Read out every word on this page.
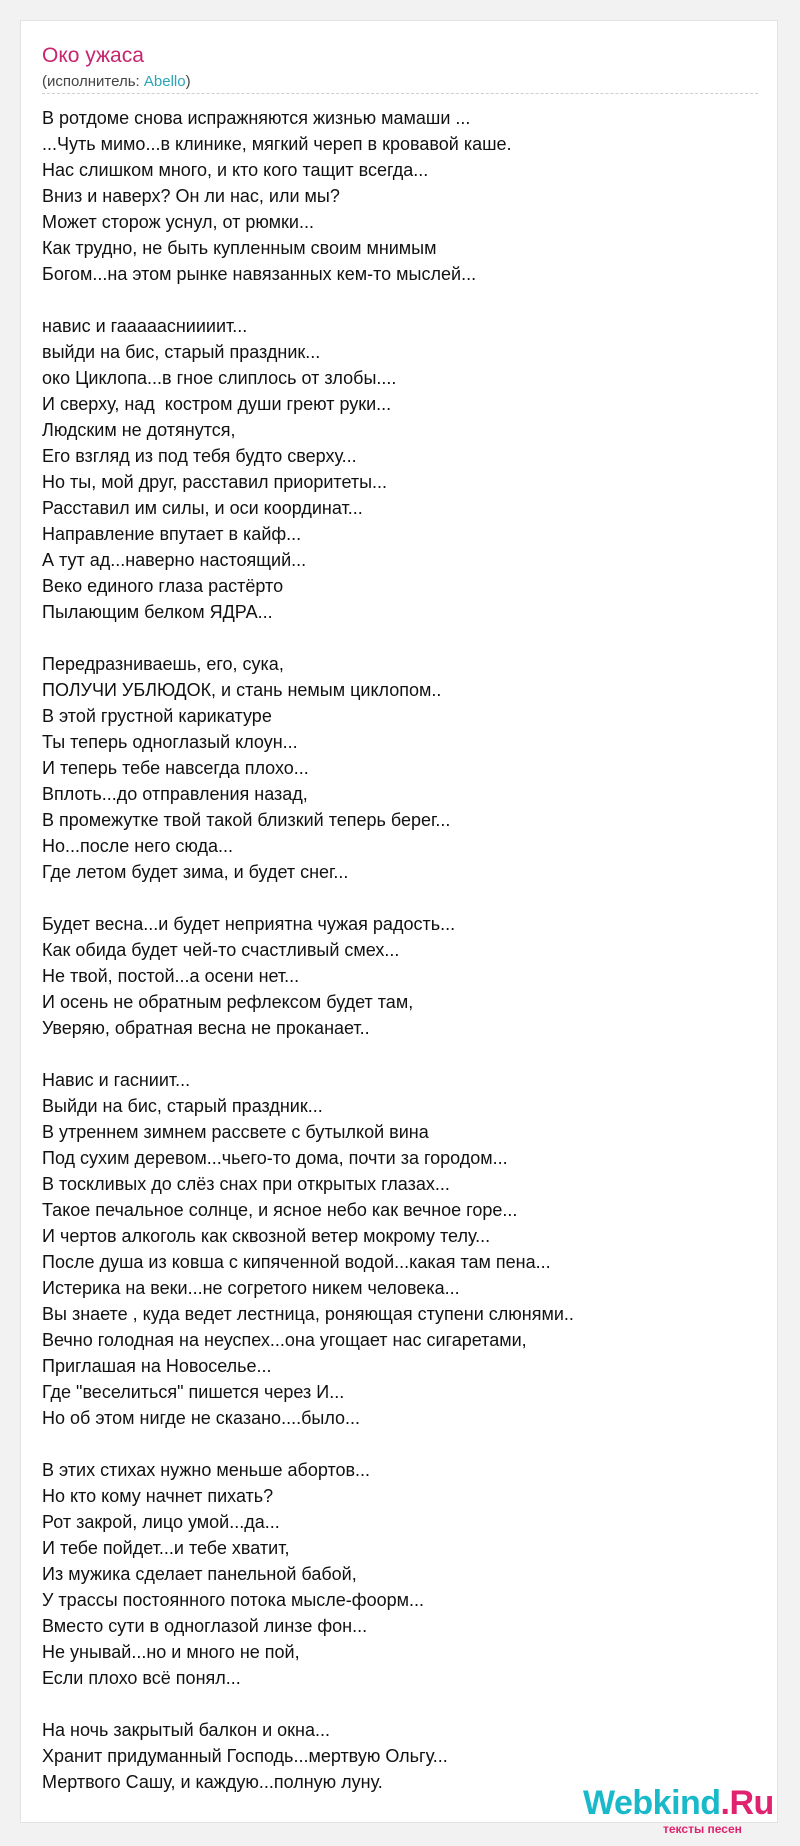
Око ужаса
(исполнитель: Abello)
В ротдоме снова испражняются жизнью мамаши ...
...Чуть мимо...в клинике, мягкий череп в кровавой каше.
Нас слишком много, и кто кого тащит всегда...
Вниз и наверх? Он ли нас, или мы?
Может сторож уснул, от рюмки...
Как трудно, не быть купленным своим мнимым
Богом...на этом рынке навязанных кем-то мыслей...
навис и гааааасниииит...
выйди на бис, старый праздник...
око Циклопа...в гное слиплось от злобы....
И сверху, над  костром души греют руки...
Людским не дотянутся,
Его взгляд из под тебя будто сверху...
Но ты, мой друг, расставил приоритеты...
Расставил им силы, и оси координат...
Направление впутает в кайф...
А тут ад...наверно настоящий...
Веко единого глаза растёрто
Пылающим белком ЯДРА...
Передразниваешь, его, сука,
ПОЛУЧИ УБЛЮДОК, и стань немым циклопом..
В этой грустной карикатуре
Ты теперь одноглазый клоун...
И теперь тебе навсегда плохо...
Вплоть...до отправления назад,
В промежутке твой такой близкий теперь берег...
Но...после него сюда...
Где летом будет зима, и будет снег...
Будет весна...и будет неприятна чужая радость...
Как обида будет чей-то счастливый смех...
Не твой, постой...а осени нет...
И осень не обратным рефлексом будет там,
Уверяю, обратная весна не проканает..
Навис и гасниит...
Выйди на бис, старый праздник...
В утреннем зимнем рассвете с бутылкой вина
Под сухим деревом...чьего-то дома, почти за городом...
В тоскливых до слёз снах при открытых глазах...
Такое печальное солнце, и ясное небо как вечное горе...
И чертов алкоголь как сквозной ветер мокрому телу...
После душа из ковша с кипяченной водой...какая там пена...
Истерика на веки...не согретого никем человека...
Вы знаете , куда ведет лестница, роняющая ступени слюнями..
Вечно голодная на неуспех...она угощает нас сигаретами,
Приглашая на Новоселье...
Где "веселиться" пишется через И...
Но об этом нигде не сказано....было...
В этих стихах нужно меньше абортов...
Но кто кому начнет пихать?
Рот закрой, лицо умой...да...
И тебе пойдет...и тебе хватит,
Из мужика сделает панельной бабой,
У трассы постоянного потока мысле-фоорм...
Вместо сути в одноглазой линзе фон...
Не унывай...но и много не пой,
Если плохо всё понял...
На ночь закрытый балкон и окна...
Хранит придуманный Господь...мертвую Ольгу...
Мертвого Сашу, и каждую...полную луну.
Webkind.Ru
тексты песен
